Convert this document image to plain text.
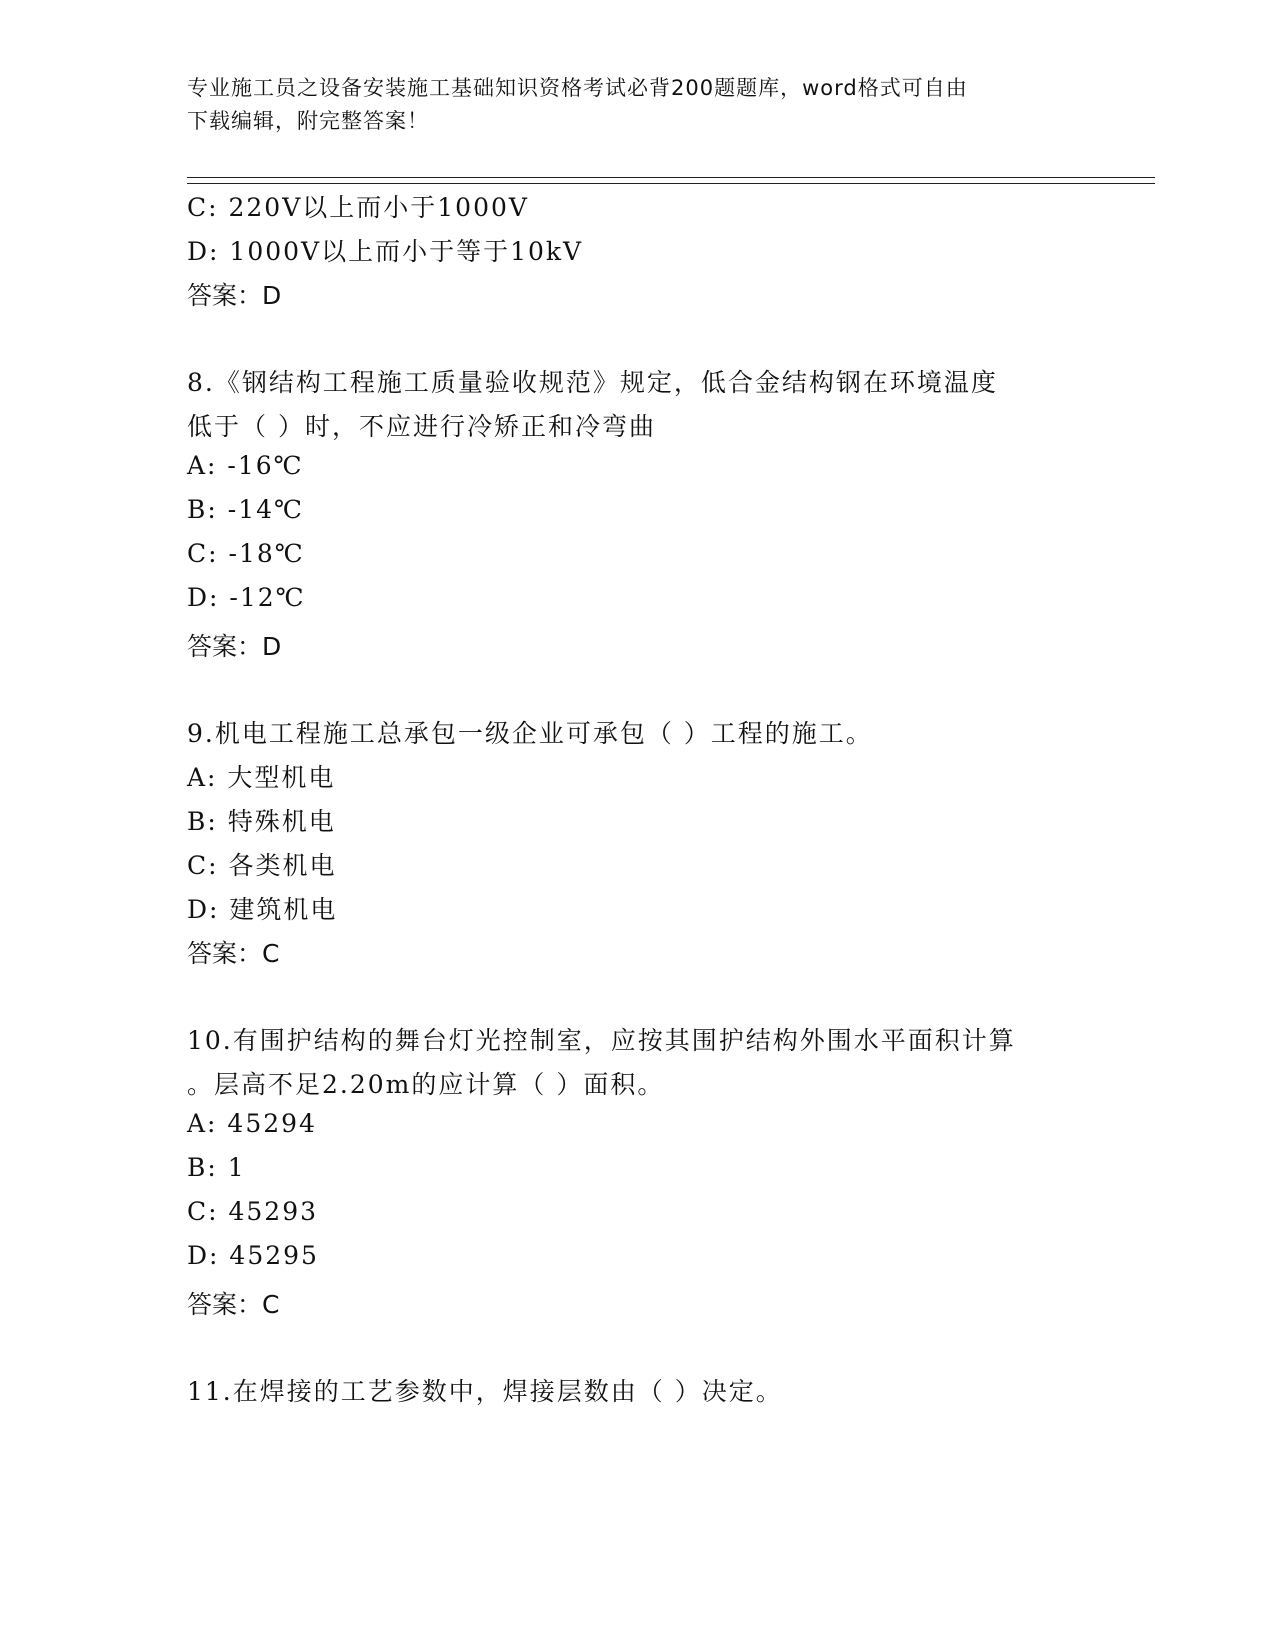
专业施工员之设备安装施工基础知识资格考试必背200题题库，word格式可自由
下载编辑，附完整答案！
C: 220V以上而小于1000V
D: 1000V以上而小于等于10kV
答案：D
8.《钢结构工程施工质量验收规范》规定，低合金结构钢在环境温度
低于（ ）时，不应进行冷矫正和冷弯曲
A: -16℃
B: -14℃
C: -18℃
D: -12℃
答案：D
9.机电工程施工总承包一级企业可承包（ ）工程的施工。
A: 大型机电
B: 特殊机电
C: 各类机电
D: 建筑机电
答案：C
10.有围护结构的舞台灯光控制室，应按其围护结构外围水平面积计算
。层高不足2.20m的应计算（ ）面积。
A: 45294
B: 1
C: 45293
D: 45295
答案：C
11.在焊接的工艺参数中，焊接层数由（ ）决定。
